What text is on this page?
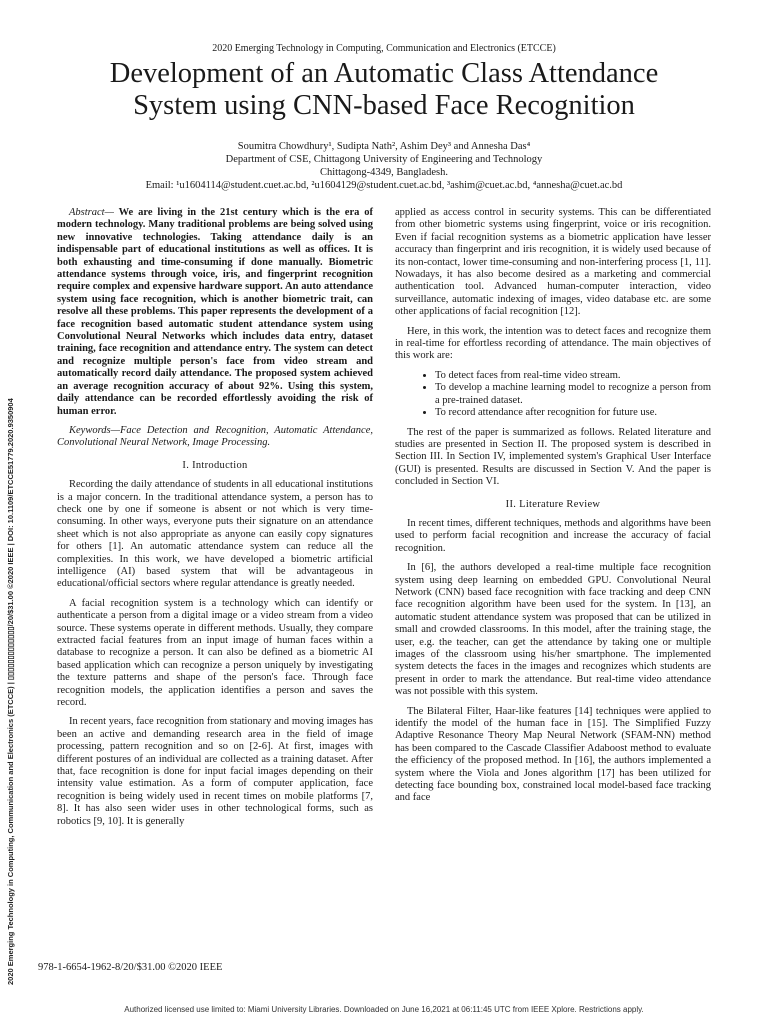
2020 Emerging Technology in Computing, Communication and Electronics (ETCCE)
Development of an Automatic Class Attendance
System using CNN-based Face Recognition
Soumitra Chowdhury¹, Sudipta Nath², Ashim Dey³ and Annesha Das⁴
Department of CSE, Chittagong University of Engineering and Technology
Chittagong-4349, Bangladesh.
Email: ¹u1604114@student.cuet.ac.bd, ²u1604129@student.cuet.ac.bd, ³ashim@cuet.ac.bd, ⁴annesha@cuet.ac.bd
2020 Emerging Technology in Computing, Communication and Electronics (ETCCE) | ▯▯▯▯▯▯▯▯▯▯▯▯▯/20/$31.00 ©2020 IEEE | DOI: 10.1109/ETCCE51779.2020.9350904

Abstract— We are living in the 21st century which is the era of modern technology. Many traditional problems are being solved using new innovative technologies. Taking attendance daily is an indispensable part of educational institutions as well as offices. It is both exhausting and time-consuming if done manually. Biometric attendance systems through voice, iris, and fingerprint recognition require complex and expensive hardware support. An auto attendance system using face recognition, which is another biometric trait, can resolve all these problems. This paper represents the development of a face recognition based automatic student attendance system using Convolutional Neural Networks which includes data entry, dataset training, face recognition and attendance entry. The system can detect and recognize multiple person's face from video stream and automatically record daily attendance. The proposed system achieved an average recognition accuracy of about 92%. Using this system, daily attendance can be recorded effortlessly avoiding the risk of human error.

Keywords—Face Detection and Recognition, Automatic Attendance, Convolutional Neural Network, Image Processing.

I. Introduction

Recording the daily attendance of students in all educational institutions is a major concern. In the traditional attendance system, a person has to check one by one if someone is absent or not which is very time-consuming. In other ways, everyone puts their signature on an attendance sheet which is not also appropriate as anyone can easily copy signatures for others [1]. An automatic attendance system can reduce all the complexities. In this work, we have developed a biometric artificial intelligence (AI) based system that will be advantageous in educational/official sectors where regular attendance is greatly needed.

A facial recognition system is a technology which can identify or authenticate a person from a digital image or a video stream from a video source. These systems operate in different methods. Usually, they compare extracted facial features from an input image of human faces within a database to recognize a person. It can also be defined as a biometric AI based application which can recognize a person uniquely by investigating the texture patterns and shape of the person's face. Through face recognition models, the application identifies a person and saves the record.

In recent years, face recognition from stationary and moving images has been an active and demanding research area in the field of image processing, pattern recognition and so on [2-6]. At first, images with different postures of an individual are collected as a training dataset. After that, face recognition is done for input facial images depending on their intensity value estimation. As a form of computer application, face recognition is being widely used in recent times on mobile platforms [7, 8]. It has also seen wider uses in other technological forms, such as robotics [9, 10]. It is generally

applied as access control in security systems. This can be differentiated from other biometric systems using fingerprint, voice or iris recognition. Even if facial recognition systems as a biometric application have lesser accuracy than fingerprint and iris recognition, it is widely used because of its non-contact, lower time-consuming and non-interfering process [1, 11]. Nowadays, it has also become desired as a marketing and commercial authentication tool. Advanced human-computer interaction, video surveillance, automatic indexing of images, video database etc. are some other applications of facial recognition [12].

Here, in this work, the intention was to detect faces and recognize them in real-time for effortless recording of attendance. The main objectives of this work are:

• To detect faces from real-time video stream.
• To develop a machine learning model to recognize a person from a pre-trained dataset.
• To record attendance after recognition for future use.

The rest of the paper is summarized as follows. Related literature and studies are presented in Section II. The proposed system is described in Section III. In Section IV, implemented system's Graphical User Interface (GUI) is presented. Results are discussed in Section V. And the paper is concluded in Section VI.

II. Literature Review

In recent times, different techniques, methods and algorithms have been used to perform facial recognition and increase the accuracy of facial recognition.

In [6], the authors developed a real-time multiple face recognition system using deep learning on embedded GPU. Convolutional Neural Network (CNN) based face recognition with face tracking and deep CNN face recognition algorithm have been used for the system. In [13], an automatic student attendance system was proposed that can be utilized in small and crowded classrooms. In this model, after the training stage, the user, e.g. the teacher, can get the attendance by taking one or multiple images of the classroom using his/her smartphone. The implemented system detects the faces in the images and recognizes which students are present in order to mark the attendance. But real-time video attendance was not possible with this system.

The Bilateral Filter, Haar-like features [14] techniques were applied to identify the model of the human face in [15]. The Simplified Fuzzy Adaptive Resonance Theory Map Neural Network (SFAM-NN) method has been compared to the Cascade Classifier Adaboost method to evaluate the efficiency of the proposed method. In [16], the authors implemented a system where the Viola and Jones algorithm [17] has been utilized for detecting face bounding box, constrained local model-based face tracking and face

978-1-6654-1962-8/20/$31.00 ©2020 IEEE
Authorized licensed use limited to: Miami University Libraries. Downloaded on June 16,2021 at 06:11:45 UTC from IEEE Xplore. Restrictions apply.
